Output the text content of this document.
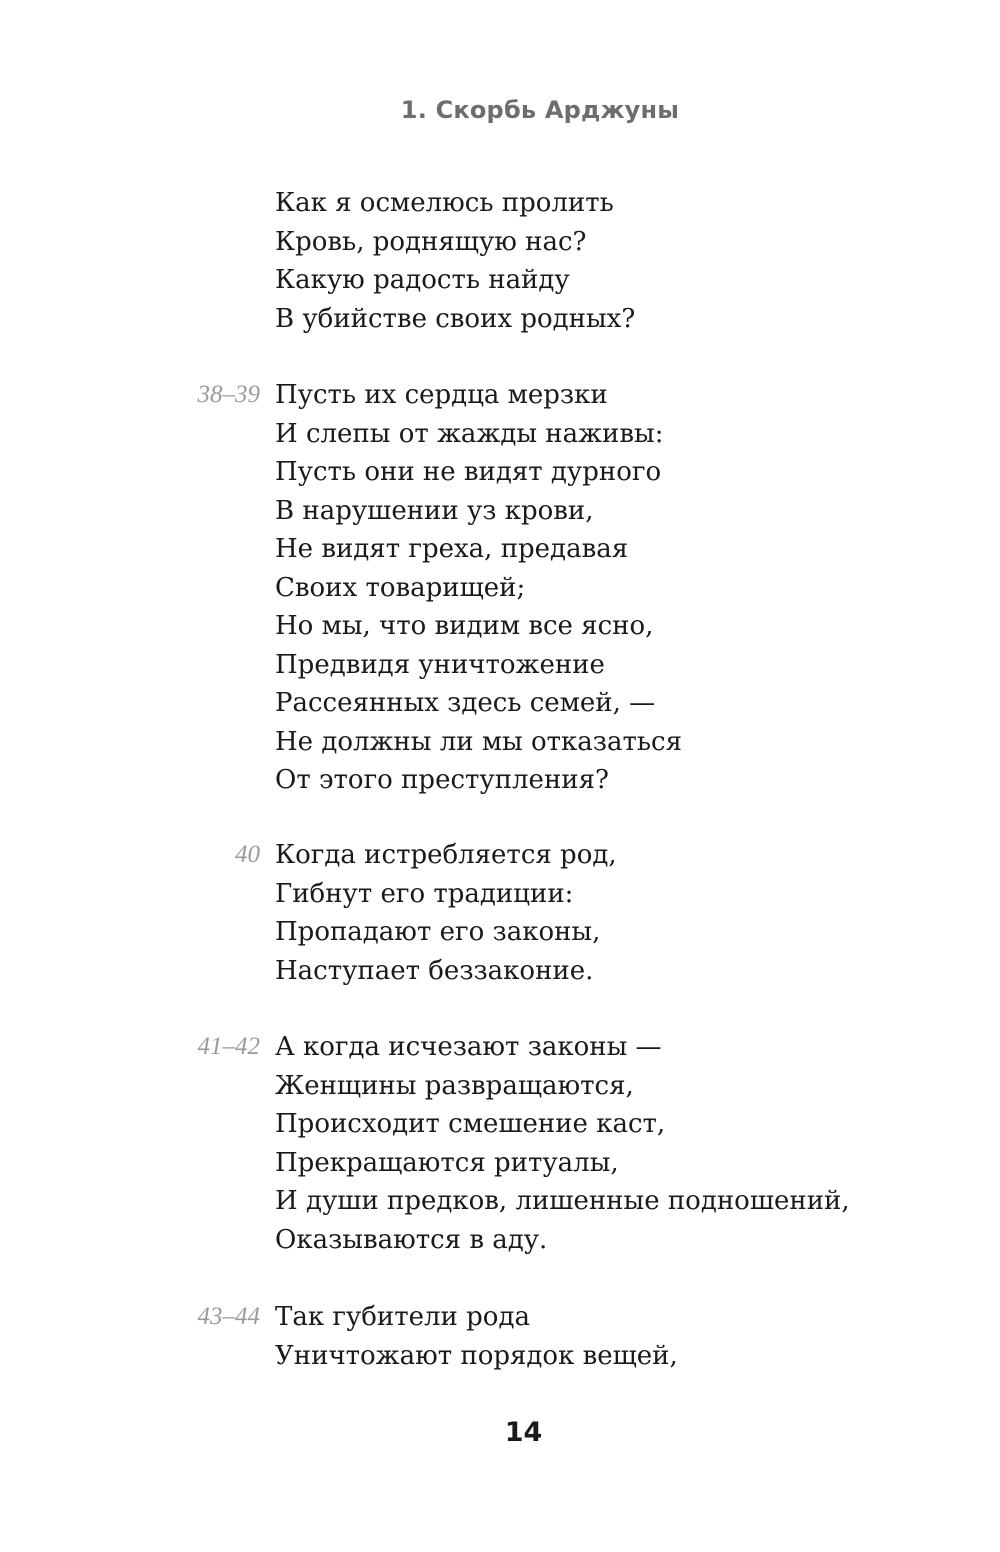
1. Скорбь Арджуны
Как я осмелюсь пролить
Кровь, роднящую нас?
Какую радость найду
В убийстве своих родных?
38–39 Пусть их сердца мерзки
И слепы от жажды наживы:
Пусть они не видят дурного
В нарушении уз крови,
Не видят греха, предавая
Своих товарищей;
Но мы, что видим все ясно,
Предвидя уничтожение
Рассеянных здесь семей, —
Не должны ли мы отказаться
От этого преступления?
40 Когда истребляется род,
Гибнут его традиции:
Пропадают его законы,
Наступает беззаконие.
41–42 А когда исчезают законы —
Женщины развращаются,
Происходит смешение каст,
Прекращаются ритуалы,
И души предков, лишенные подношений,
Оказываются в аду.
43–44 Так губители рода
Уничтожают порядок вещей,
14
